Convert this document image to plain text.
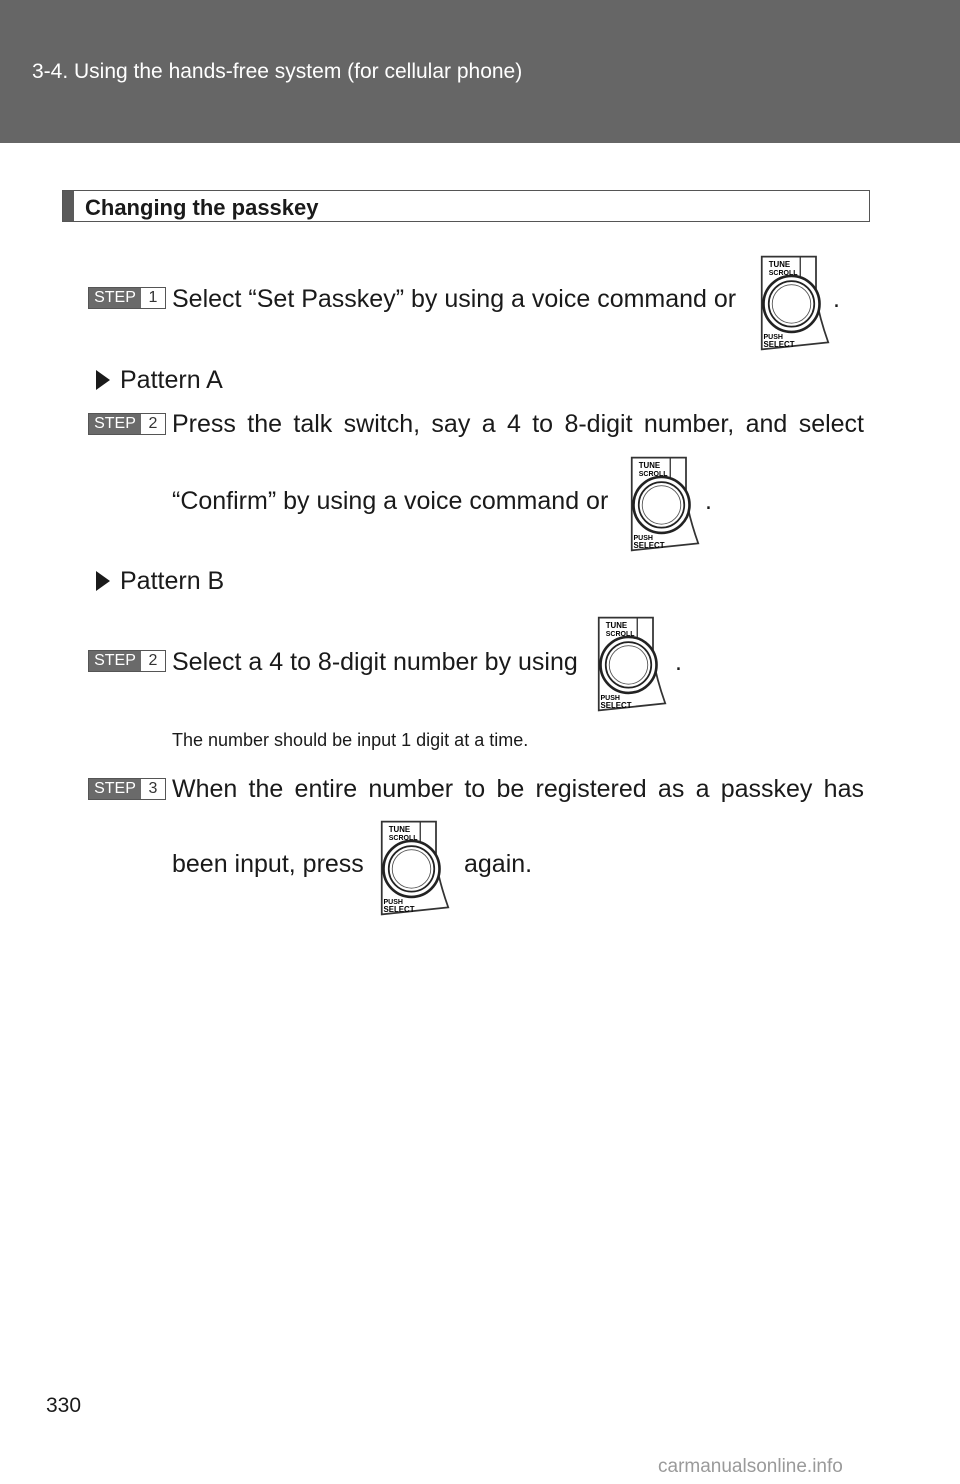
3-4. Using the hands-free system (for cellular phone)
Changing the passkey
STEP 1 Select “Set Passkey” by using a voice command or
TUNE
SCROLL
PUSH
SELECT
.
Pattern A
STEP 2 Press the talk switch, say a 4 to 8-digit number, and select
“Confirm” by using a voice command or
TUNE
SCROLL
PUSH
SELECT
.
Pattern B
STEP 2 Select a 4 to 8-digit number by using
TUNE
SCROLL
PUSH
SELECT
.
The number should be input 1 digit at a time.
STEP 3 When the entire number to be registered as a passkey has
been input, press
TUNE
SCROLL
PUSH
SELECT
again.
330
carmanualsonline.info
